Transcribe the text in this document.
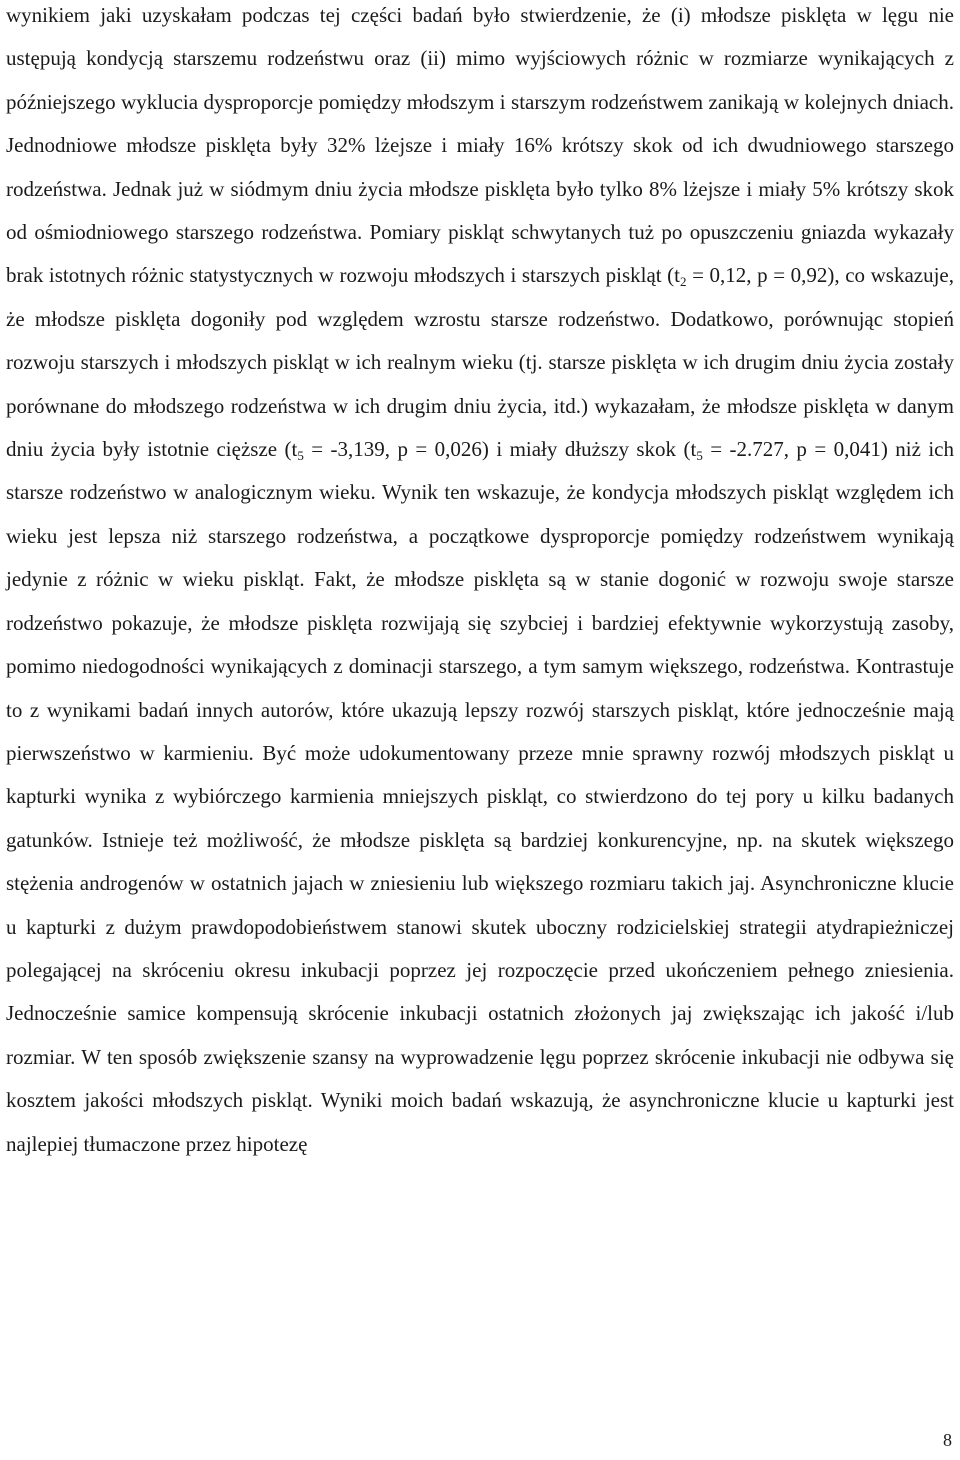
wynikiem jaki uzyskałam podczas tej części badań było stwierdzenie, że (i) młodsze pisklęta w lęgu nie ustępują kondycją starszemu rodzeństwu oraz (ii) mimo wyjściowych różnic w rozmiarze wynikających z późniejszego wyklucia dysproporcje pomiędzy młodszym i starszym rodzeństwem zanikają w kolejnych dniach. Jednodniowe młodsze pisklęta były 32% lżejsze i miały 16% krótszy skok od ich dwudniowego starszego rodzeństwa. Jednak już w siódmym dniu życia młodsze pisklęta było tylko 8% lżejsze i miały 5% krótszy skok od ośmiodniowego starszego rodzeństwa. Pomiary piskląt schwytanych tuż po opuszczeniu gniazda wykazały brak istotnych różnic statystycznych w rozwoju młodszych i starszych piskląt ($t_2 = 0,12$, p = 0,92), co wskazuje, że młodsze pisklęta dogoniły pod względem wzrostu starsze rodzeństwo. Dodatkowo, porównując stopień rozwoju starszych i młodszych piskląt w ich realnym wieku (tj. starsze pisklęta w ich drugim dniu życia zostały porównane do młodszego rodzeństwa w ich drugim dniu życia, itd.) wykazałam, że młodsze pisklęta w danym dniu życia były istotnie cięższe ($t_5 = -3,139$, p = 0,026) i miały dłuższy skok ($t_5 = -2.727$, p = 0,041) niż ich starsze rodzeństwo w analogicznym wieku. Wynik ten wskazuje, że kondycja młodszych piskląt względem ich wieku jest lepsza niż starszego rodzeństwa, a początkowe dysproporcje pomiędzy rodzeństwem wynikają jedynie z różnic w wieku piskląt. Fakt, że młodsze pisklęta są w stanie dogonić w rozwoju swoje starsze rodzeństwo pokazuje, że młodsze pisklęta rozwijają się szybciej i bardziej efektywnie wykorzystują zasoby, pomimo niedogodności wynikających z dominacji starszego, a tym samym większego, rodzeństwa. Kontrastuje to z wynikami badań innych autorów, które ukazują lepszy rozwój starszych piskląt, które jednocześnie mają pierwszeństwo w karmieniu. Być może udokumentowany przeze mnie sprawny rozwój młodszych piskląt u kapturki wynika z wybiórczego karmienia mniejszych piskląt, co stwierdzono do tej pory u kilku badanych gatunków. Istnieje też możliwość, że młodsze pisklęta są bardziej konkurencyjne, np. na skutek większego stężenia androgenów w ostatnich jajach w zniesieniu lub większego rozmiaru takich jaj. Asynchroniczne klucie u kapturki z dużym prawdopodobieństwem stanowi skutek uboczny rodzicielskiej strategii atydrapieżniczej polegającej na skróceniu okresu inkubacji poprzez jej rozpoczęcie przed ukończeniem pełnego zniesienia. Jednocześnie samice kompensują skrócenie inkubacji ostatnich złożonych jaj zwiększając ich jakość i/lub rozmiar. W ten sposób zwiększenie szansy na wyprowadzenie lęgu poprzez skrócenie inkubacji nie odbywa się kosztem jakości młodszych piskląt. Wyniki moich badań wskazują, że asynchroniczne klucie u kapturki jest najlepiej tłumaczone przez hipotezę

8
